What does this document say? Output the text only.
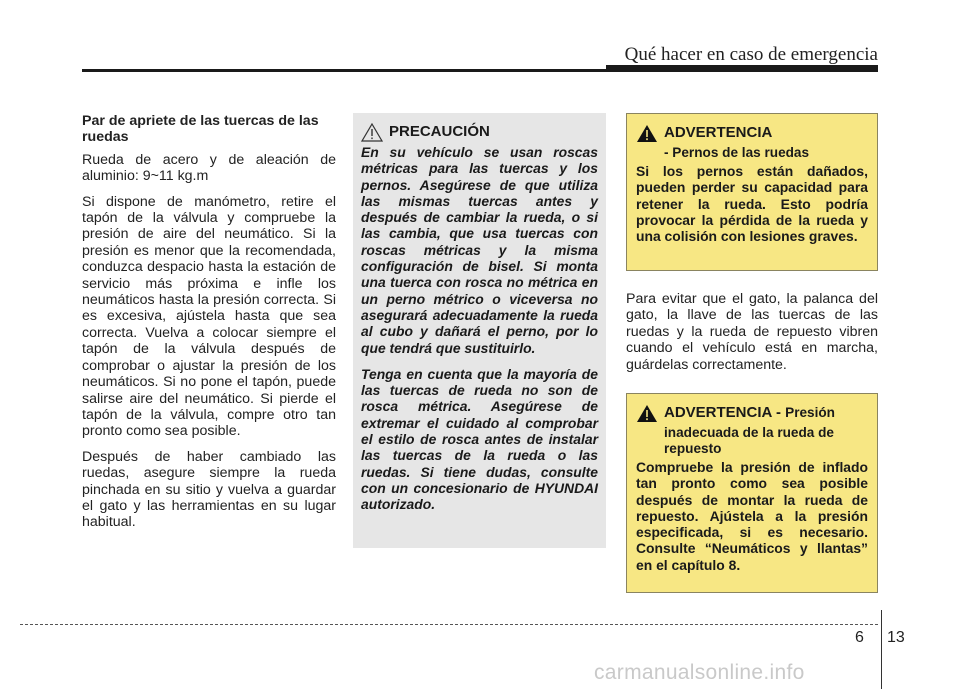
Qué hacer en caso de emergencia

Par de apriete de las tuercas de las ruedas

Rueda de acero y de aleación de aluminio: 9~11 kg.m

Si dispone de manómetro, retire el tapón de la válvula y compruebe la presión de aire del neumático. Si la presión es menor que la recomendada, conduzca despacio hasta la estación de servicio más próxima e infle los neumáticos hasta la presión correcta. Si es excesiva, ajústela hasta que sea correcta. Vuelva a colocar siempre el tapón de la válvula después de comprobar o ajustar la presión de los neumáticos. Si no pone el tapón, puede salirse aire del neumático. Si pierde el tapón de la válvula, compre otro tan pronto como sea posible.

Después de haber cambiado las ruedas, asegure siempre la rueda pinchada en su sitio y vuelva a guardar el gato y las herramientas en su lugar habitual.

PRECAUCIÓN

En su vehículo se usan roscas métricas para las tuercas y los pernos. Asegúrese de que utiliza las mismas tuercas antes y después de cambiar la rueda, o si las cambia, que usa tuercas con roscas métricas y la misma configuración de bisel. Si monta una tuerca con rosca no métrica en un perno métrico o viceversa no asegurará adecuadamente la rueda al cubo y dañará el perno, por lo que tendrá que sustituirlo.

Tenga en cuenta que la mayoría de las tuercas de rueda no son de rosca métrica. Asegúrese de extremar el cuidado al comprobar el estilo de rosca antes de instalar las tuercas de la rueda o las ruedas. Si tiene dudas, consulte con un concesionario de HYUNDAI autorizado.

ADVERTENCIA
- Pernos de las ruedas

Si los pernos están dañados, pueden perder su capacidad para retener la rueda. Esto podría provocar la pérdida de la rueda y una colisión con lesiones graves.

Para evitar que el gato, la palanca del gato, la llave de las tuercas de las ruedas y la rueda de repuesto vibren cuando el vehículo está en marcha, guárdelas correctamente.

ADVERTENCIA - Presión
inadecuada de la rueda de repuesto

Compruebe la presión de inflado tan pronto como sea posible después de montar la rueda de repuesto. Ajústela a la presión especificada, si es necesario. Consulte “Neumáticos y llantas” en el capítulo 8.

6 13
carmanualsonline.info
